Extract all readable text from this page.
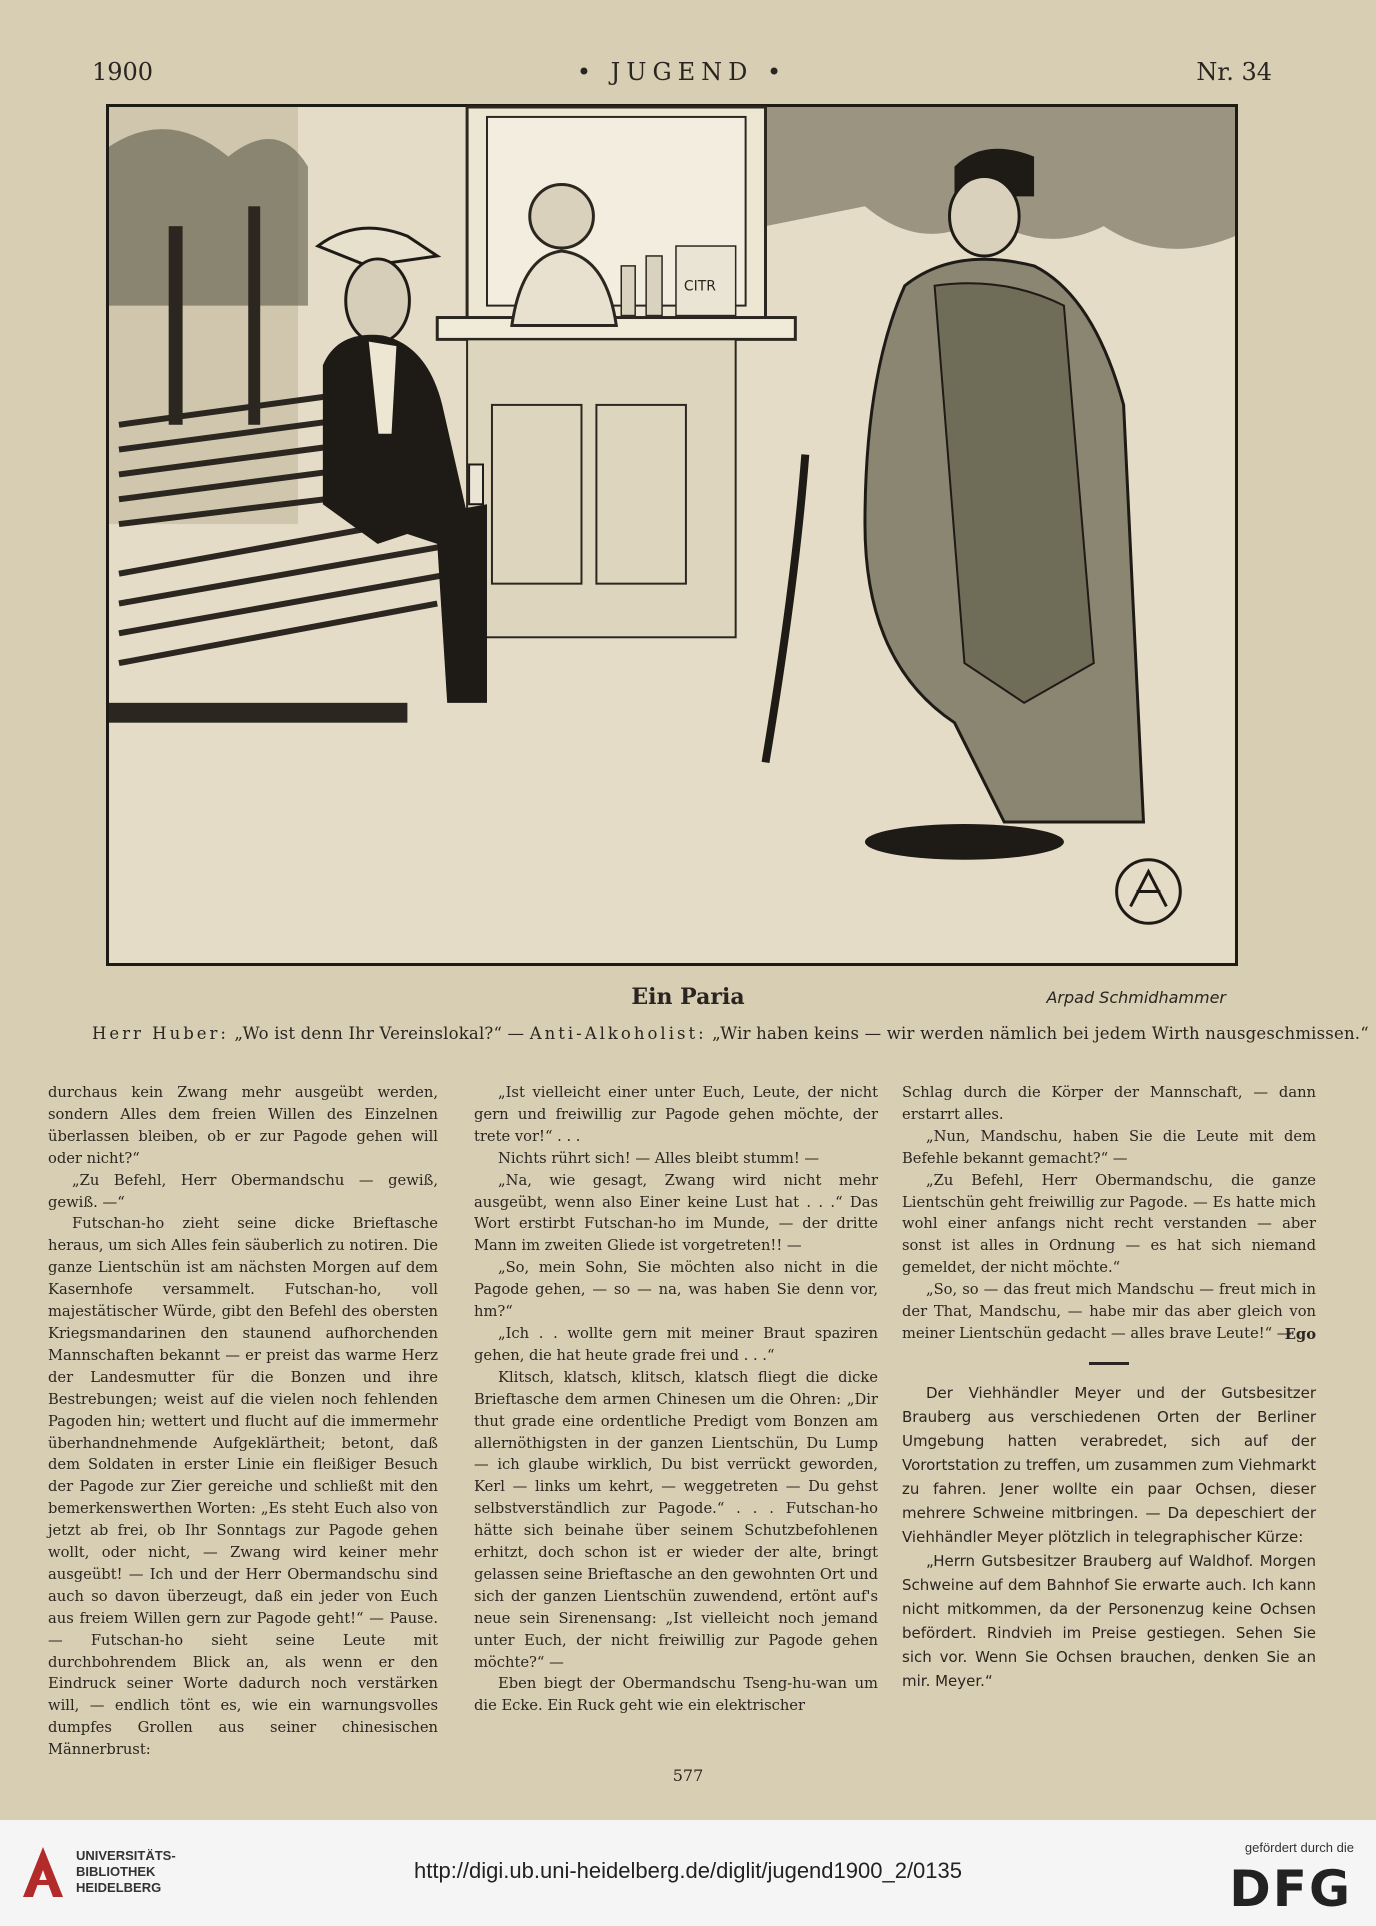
1900	• JUGEND •	Nr. 34
CITR
Ein Paria	Arpad Schmidhammer
Herr Huber: „Wo ist denn Ihr Vereinslokal?“ — Anti-Alkoholist: „Wir haben keins — wir werden nämlich bei jedem Wirth nausgeschmissen.“

durchaus kein Zwang mehr ausgeübt werden, sondern Alles dem freien Willen des Einzelnen überlassen bleiben, ob er zur Pagode gehen will oder nicht?“

„Zu Befehl, Herr Obermandschu — gewiß, gewiß. —“

Futschan-ho zieht seine dicke Brieftasche heraus, um sich Alles fein säuberlich zu notiren. Die ganze Lientschün ist am nächsten Morgen auf dem Kasernhofe versammelt. Futschan-ho, voll majestätischer Würde, gibt den Befehl des obersten Kriegsmandarinen den staunend aufhorchenden Mannschaften bekannt — er preist das warme Herz der Landesmutter für die Bonzen und ihre Bestrebungen; weist auf die vielen noch fehlenden Pagoden hin; wettert und flucht auf die immermehr überhandnehmende Aufgeklärtheit; betont, daß dem Soldaten in erster Linie ein fleißiger Besuch der Pagode zur Zier gereiche und schließt mit den bemerkenswerthen Worten: „Es steht Euch also von jetzt ab frei, ob Ihr Sonntags zur Pagode gehen wollt, oder nicht, — Zwang wird keiner mehr ausgeübt! — Ich und der Herr Obermandschu sind auch so davon überzeugt, daß ein jeder von Euch aus freiem Willen gern zur Pagode geht!“ — Pause. — Futschan-ho sieht seine Leute mit durchbohrendem Blick an, als wenn er den Eindruck seiner Worte dadurch noch verstärken will, — endlich tönt es, wie ein warnungsvolles dumpfes Grollen aus seiner chinesischen Männerbrust:

„Ist vielleicht einer unter Euch, Leute, der nicht gern und freiwillig zur Pagode gehen möchte, der trete vor!“ . . .

Nichts rührt sich! — Alles bleibt stumm! —

„Na, wie gesagt, Zwang wird nicht mehr ausgeübt, wenn also Einer keine Lust hat . . .“ Das Wort erstirbt Futschan-ho im Munde, — der dritte Mann im zweiten Gliede ist vorgetreten!! —

„So, mein Sohn, Sie möchten also nicht in die Pagode gehen, — so — na, was haben Sie denn vor, hm?“

„Ich . . wollte gern mit meiner Braut spaziren gehen, die hat heute grade frei und . . .“

Klitsch, klatsch, klitsch, klatsch fliegt die dicke Brieftasche dem armen Chinesen um die Ohren: „Dir thut grade eine ordentliche Predigt vom Bonzen am allernöthigsten in der ganzen Lientschün, Du Lump — ich glaube wirklich, Du bist verrückt geworden, Kerl — links um kehrt, — weggetreten — Du gehst selbstverständlich zur Pagode.“ . . . Futschan-ho hätte sich beinahe über seinem Schutzbefohlenen erhitzt, doch schon ist er wieder der alte, bringt gelassen seine Brieftasche an den gewohnten Ort und sich der ganzen Lientschün zuwendend, ertönt auf's neue sein Sirenensang: „Ist vielleicht noch jemand unter Euch, der nicht freiwillig zur Pagode gehen möchte?“ —

Eben biegt der Obermandschu Tseng-hu-wan um die Ecke. Ein Ruck geht wie ein elektrischer

Schlag durch die Körper der Mannschaft, — dann erstarrt alles.

„Nun, Mandschu, haben Sie die Leute mit dem Befehle bekannt gemacht?“ —

„Zu Befehl, Herr Obermandschu, die ganze Lientschün geht freiwillig zur Pagode. — Es hatte mich wohl einer anfangs nicht recht verstanden — aber sonst ist alles in Ordnung — es hat sich niemand gemeldet, der nicht möchte.“

„So, so — das freut mich Mandschu — freut mich in der That, Mandschu, — habe mir das aber gleich von meiner Lientschün gedacht — alles brave Leute!“ —

Ego

Der Viehhändler Meyer und der Gutsbesitzer Brauberg aus verschiedenen Orten der Berliner Umgebung hatten verabredet, sich auf der Vorortstation zu treffen, um zusammen zum Viehmarkt zu fahren. Jener wollte ein paar Ochsen, dieser mehrere Schweine mitbringen. — Da depeschiert der Viehhändler Meyer plötzlich in telegraphischer Kürze:

„Herrn Gutsbesitzer Brauberg auf Waldhof. Morgen Schweine auf dem Bahnhof Sie erwarte auch. Ich kann nicht mitkommen, da der Personenzug keine Ochsen befördert. Rindvieh im Preise gestiegen. Sehen Sie sich vor. Wenn Sie Ochsen brauchen, denken Sie an mir. Meyer.“

577
UNIVERSITÄTS-
BIBLIOTHEK
HEIDELBERG
http://digi.ub.uni-heidelberg.de/diglit/jugend1900_2/0135
gefördert durch die
DFG
